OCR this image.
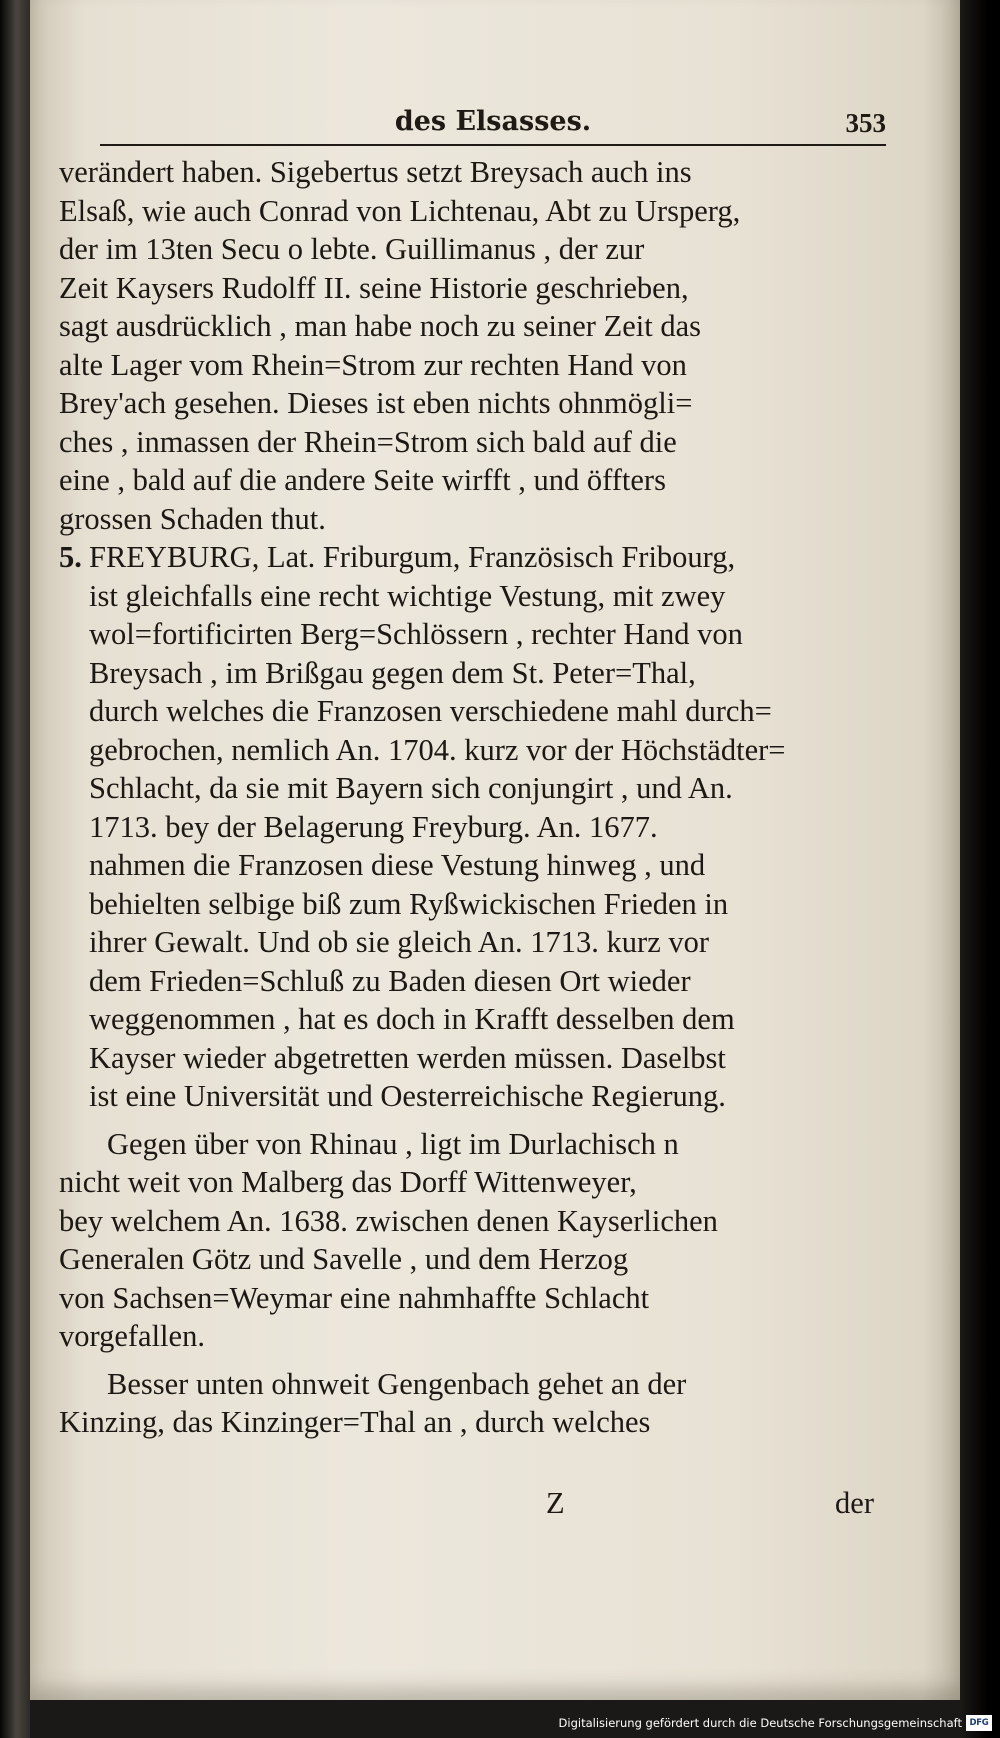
des Elsasses.	353
verändert haben. Sigebertus setzt Breysach auch ins
Elsaß, wie auch Conrad von Lichtenau, Abt zu Ursperg,
der im 13ten Secu o lebte. Guillimanus , der zur
Zeit Kaysers Rudolff II. seine Historie geschrieben,
sagt ausdrücklich , man habe noch zu seiner Zeit das
alte Lager vom Rhein=Strom zur rechten Hand von
Brey'ach gesehen. Dieses ist eben nichts ohnmögli=
ches , inmassen der Rhein=Strom sich bald auf die
eine , bald auf die andere Seite wirfft , und öffters
grossen Schaden thut.
5. FREYBURG, Lat. Friburgum, Französisch Fribourg,
ist gleichfalls eine recht wichtige Vestung, mit zwey
wol=fortificirten Berg=Schlössern , rechter Hand von
Breysach , im Brißgau gegen dem St. Peter=Thal,
durch welches die Franzosen verschiedene mahl durch=
gebrochen, nemlich An. 1704. kurz vor der Höchstädter=
Schlacht, da sie mit Bayern sich conjungirt , und An.
1713. bey der Belagerung Freyburg. An. 1677.
nahmen die Franzosen diese Vestung hinweg , und
behielten selbige biß zum Ryßwickischen Frieden in
ihrer Gewalt. Und ob sie gleich An. 1713. kurz vor
dem Frieden=Schluß zu Baden diesen Ort wieder
weggenommen , hat es doch in Krafft desselben dem
Kayser wieder abgetretten werden müssen. Daselbst
ist eine Universität und Oesterreichische Regierung.
Gegen über von Rhinau , ligt im Durlachisch n
nicht weit von Malberg das Dorff Wittenweyer,
bey welchem An. 1638. zwischen denen Kayserlichen
Generalen Götz und Savelle , und dem Herzog
von Sachsen=Weymar eine nahmhaffte Schlacht
vorgefallen.
Besser unten ohnweit Gengenbach gehet an der
Kinzing, das Kinzinger=Thal an , durch welches
Z	der
Digitalisierung gefördert durch die Deutsche Forschungsgemeinschaft DFG
